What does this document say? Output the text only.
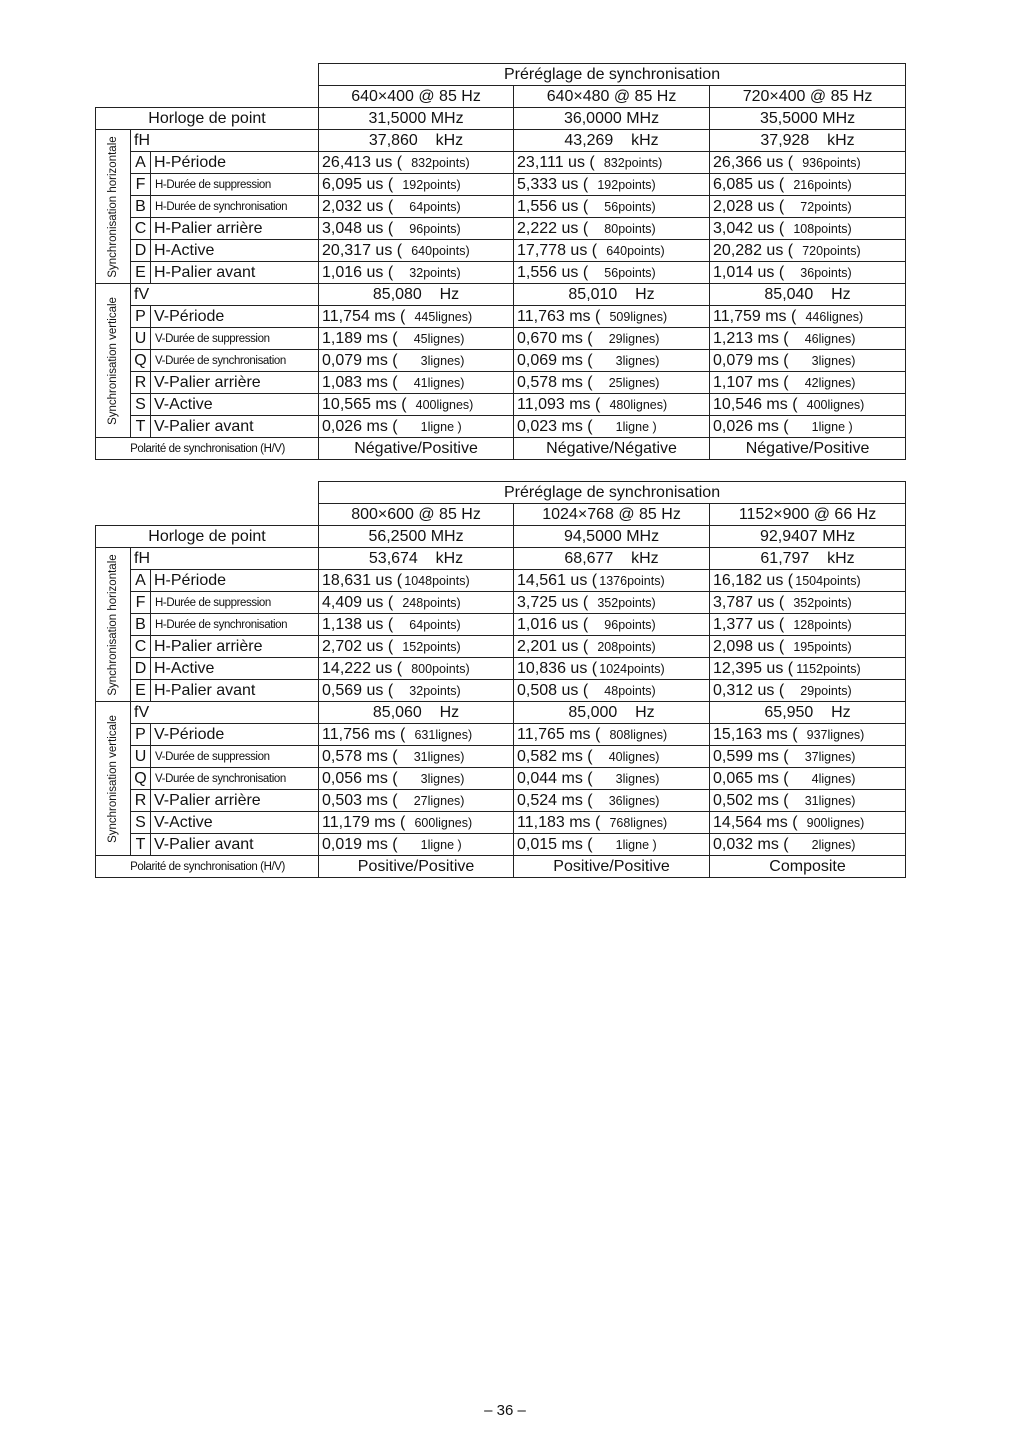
			Préréglage de synchronisation		
			640×400 @ 85 Hz	640×480 @ 85 Hz	720×400 @ 85 Hz
Horloge de point			31,5000 MHz	36,0000 MHz	35,5000 MHz

Synchronisation horizontale	fH		37,860 kHz	43,269 kHz	37,928 kHz
	A	H-Période	26,413 us ( 832points)	23,111 us ( 832points)	26,366 us ( 936points)
	F	H-Durée de suppression	6,095 us ( 192points)	5,333 us ( 192points)	6,085 us ( 216points)
	B	H-Durée de synchronisation	2,032 us ( 64points)	1,556 us ( 56points)	2,028 us ( 72points)
	C	H-Palier arrière	3,048 us ( 96points)	2,222 us ( 80points)	3,042 us ( 108points)
	D	H-Active	20,317 us ( 640points)	17,778 us ( 640points)	20,282 us ( 720points)
	E	H-Palier avant	1,016 us ( 32points)	1,556 us ( 56points)	1,014 us ( 36points)

Synchronisation verticale	fV		85,080 Hz	85,010 Hz	85,040 Hz
	P	V-Période	11,754 ms ( 445lignes)	11,763 ms ( 509lignes)	11,759 ms ( 446lignes)
	U	V-Durée de suppression	1,189 ms ( 45lignes)	0,670 ms ( 29lignes)	1,213 ms ( 46lignes)
	Q	V-Durée de synchronisation	0,079 ms ( 3lignes)	0,069 ms ( 3lignes)	0,079 ms ( 3lignes)
	R	V-Palier arrière	1,083 ms ( 41lignes)	0,578 ms ( 25lignes)	1,107 ms ( 42lignes)
	S	V-Active	10,565 ms ( 400lignes)	11,093 ms ( 480lignes)	10,546 ms ( 400lignes)
	T	V-Palier avant	0,026 ms ( 1ligne )	0,023 ms ( 1ligne )	0,026 ms ( 1ligne )
Polarité de synchronisation (H/V)			Négative/Positive	Négative/Négative	Négative/Positive
			Préréglage de synchronisation		
			800×600 @ 85 Hz	1024×768 @ 85 Hz	1152×900 @ 66 Hz
Horloge de point			56,2500 MHz	94,5000 MHz	92,9407 MHz

Synchronisation horizontale	fH		53,674 kHz	68,677 kHz	61,797 kHz
	A	H-Période	18,631 us ( 1048points)	14,561 us ( 1376points)	16,182 us ( 1504points)
	F	H-Durée de suppression	4,409 us ( 248points)	3,725 us ( 352points)	3,787 us ( 352points)
	B	H-Durée de synchronisation	1,138 us ( 64points)	1,016 us ( 96points)	1,377 us ( 128points)
	C	H-Palier arrière	2,702 us ( 152points)	2,201 us ( 208points)	2,098 us ( 195points)
	D	H-Active	14,222 us ( 800points)	10,836 us ( 1024points)	12,395 us ( 1152points)
	E	H-Palier avant	0,569 us ( 32points)	0,508 us ( 48points)	0,312 us ( 29points)

Synchronisation verticale	fV		85,060 Hz	85,000 Hz	65,950 Hz
	P	V-Période	11,756 ms ( 631lignes)	11,765 ms ( 808lignes)	15,163 ms ( 937lignes)
	U	V-Durée de suppression	0,578 ms ( 31lignes)	0,582 ms ( 40lignes)	0,599 ms ( 37lignes)
	Q	V-Durée de synchronisation	0,056 ms ( 3lignes)	0,044 ms ( 3lignes)	0,065 ms ( 4lignes)
	R	V-Palier arrière	0,503 ms ( 27lignes)	0,524 ms ( 36lignes)	0,502 ms ( 31lignes)
	S	V-Active	11,179 ms ( 600lignes)	11,183 ms ( 768lignes)	14,564 ms ( 900lignes)
	T	V-Palier avant	0,019 ms ( 1ligne )	0,015 ms ( 1ligne )	0,032 ms ( 2lignes)
Polarité de synchronisation (H/V)			Positive/Positive	Positive/Positive	Composite
– 36 –
